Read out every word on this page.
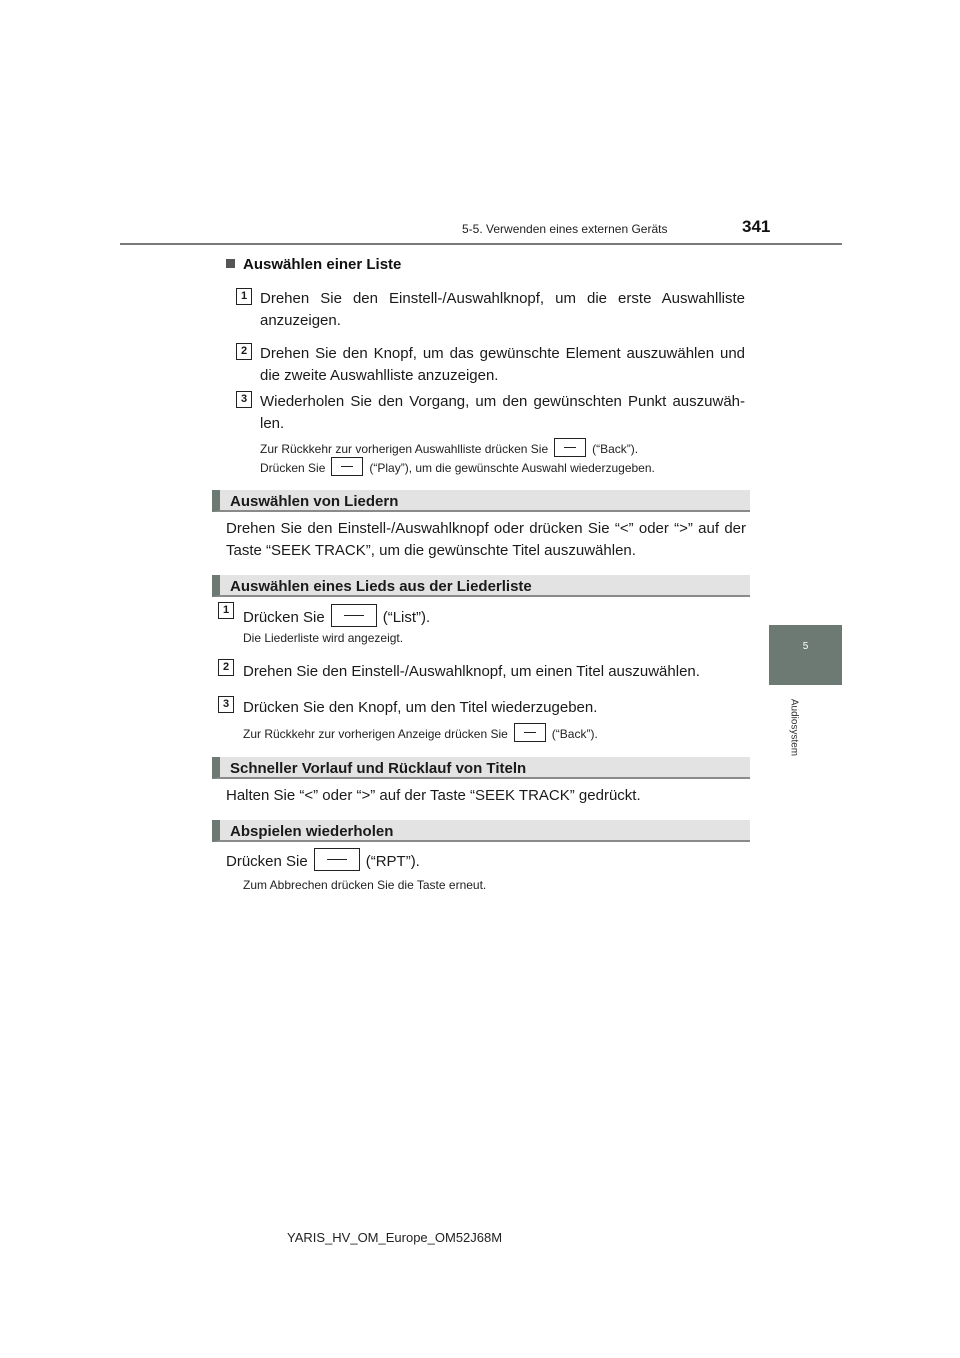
5-5. Verwenden eines externen Geräts	341
5
Audiosystem
Auswählen einer Liste
1 Drehen Sie den Einstell-/Auswahlknopf, um die erste Auswahlliste anzuzeigen.
2 Drehen Sie den Knopf, um das gewünschte Element auszuwählen und die zweite Auswahlliste anzuzeigen.
3 Wiederholen Sie den Vorgang, um den gewünschten Punkt auszuwäh-len.
Zur Rückkehr zur vorherigen Auswahlliste drücken Sie	(“Back”).
Drücken Sie	(“Play”), um die gewünschte Auswahl wiederzugeben.
Auswählen von Liedern
Drehen Sie den Einstell-/Auswahlknopf oder drücken Sie “<” oder “>” auf der Taste “SEEK TRACK”, um die gewünschte Titel auszuwählen.
Auswählen eines Lieds aus der Liederliste
1 Drücken Sie	(“List”).
Die Liederliste wird angezeigt.
2 Drehen Sie den Einstell-/Auswahlknopf, um einen Titel auszuwählen.
3 Drücken Sie den Knopf, um den Titel wiederzugeben.
Zur Rückkehr zur vorherigen Anzeige drücken Sie	(“Back”).
Schneller Vorlauf und Rücklauf von Titeln
Halten Sie “<” oder “>” auf der Taste “SEEK TRACK” gedrückt.
Abspielen wiederholen
Drücken Sie	(“RPT”).
Zum Abbrechen drücken Sie die Taste erneut.
YARIS_HV_OM_Europe_OM52J68M
